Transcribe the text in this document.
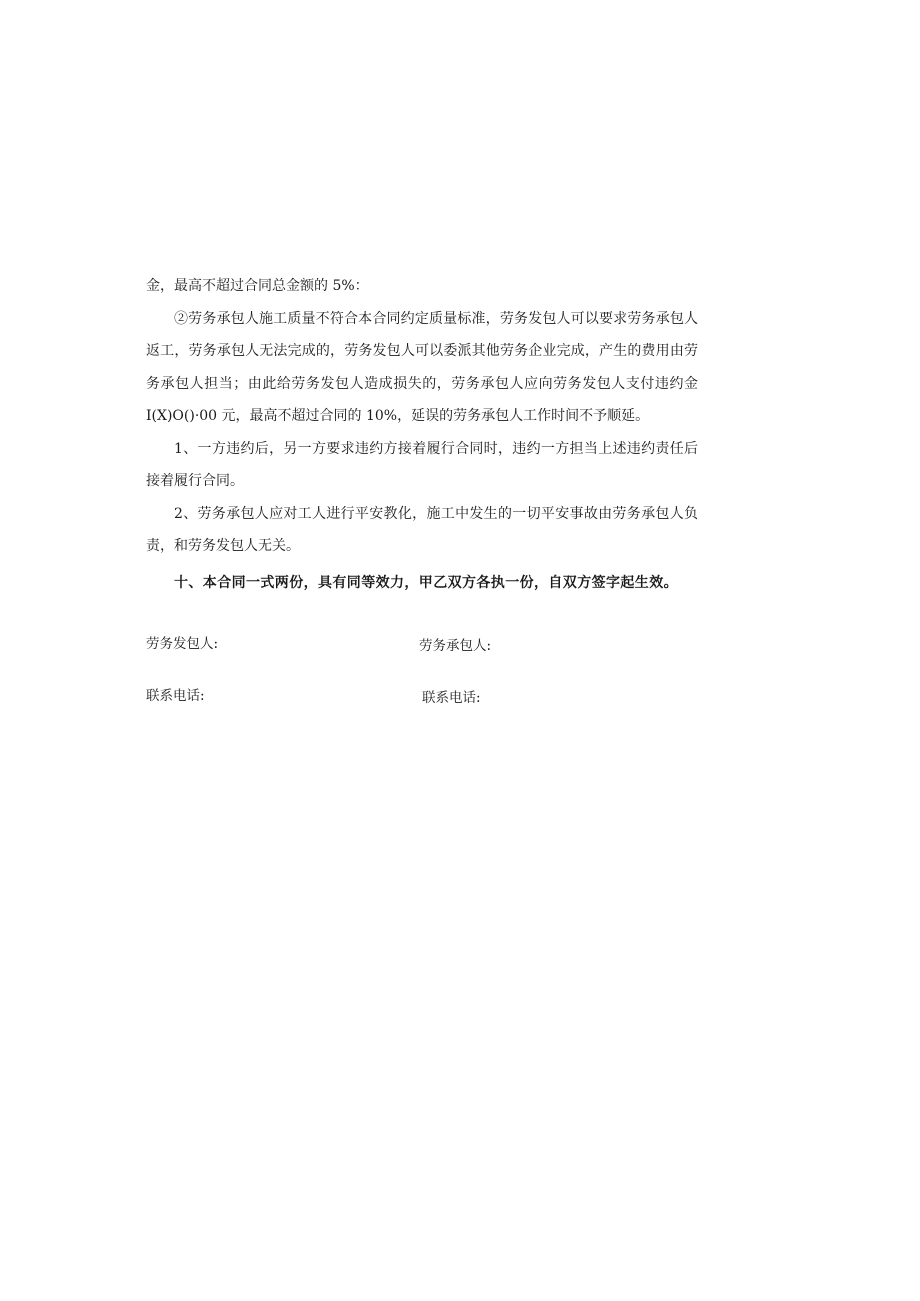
金，最高不超过合同总金额的 5%：

②劳务承包人施工质量不符合本合同约定质量标准，劳务发包人可以要求劳务承包人返工，劳务承包人无法完成的，劳务发包人可以委派其他劳务企业完成，产生的费用由劳务承包人担当；由此给劳务发包人造成损失的，劳务承包人应向劳务发包人支付违约金 I(X)O()·00 元，最高不超过合同的 10%，延误的劳务承包人工作时间不予顺延。

1、一方违约后，另一方要求违约方接着履行合同时，违约一方担当上述违约责任后接着履行合同。

2、劳务承包人应对工人进行平安教化，施工中发生的一切平安事故由劳务承包人负责，和劳务发包人无关。

十、本合同一式两份，具有同等效力，甲乙双方各执一份，自双方签字起生效。

劳务发包人:	劳务承包人:
联系电话:	联系电话:
